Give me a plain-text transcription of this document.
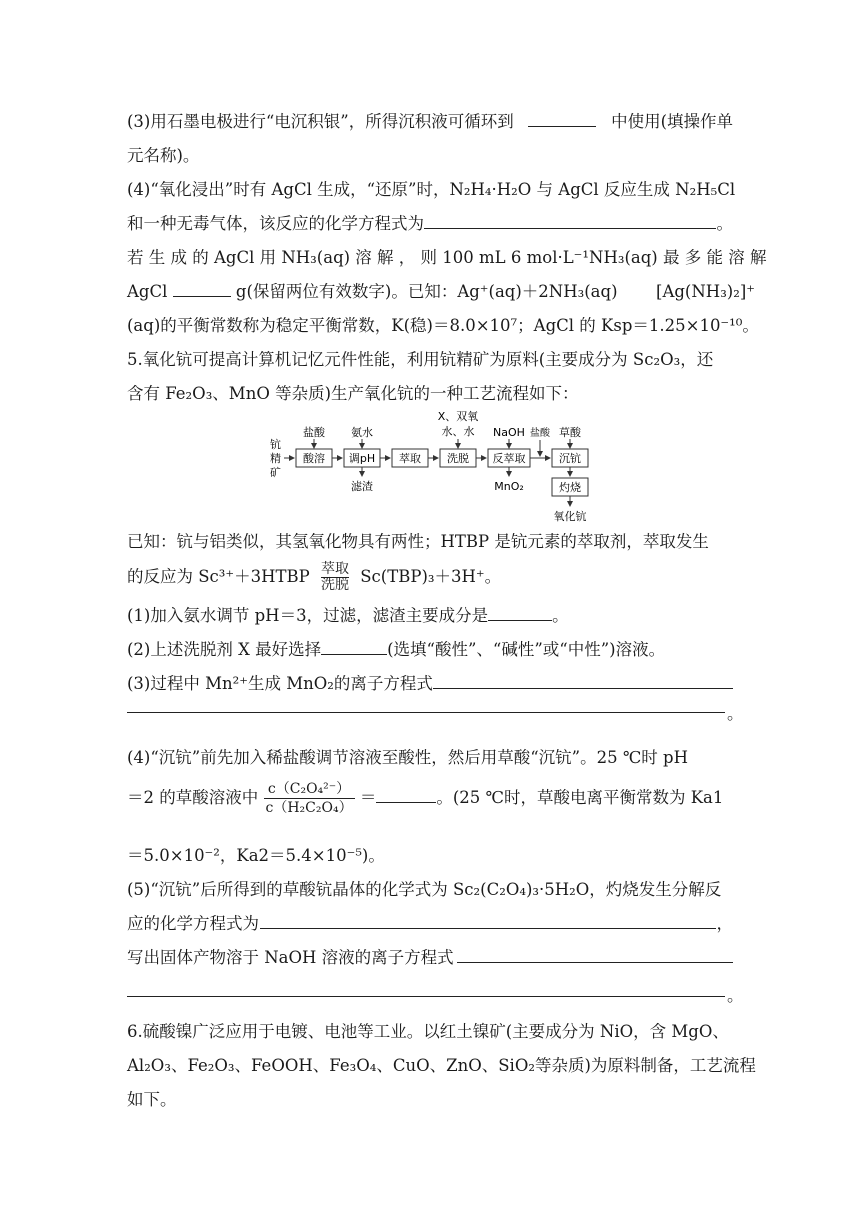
(3)用石墨电极进行“电沉积银”，所得沉积液可循环到	中使用(填操作单
元名称)。
(4)“氧化浸出”时有 AgCl 生成，“还原”时，N₂H₄·H₂O 与 AgCl 反应生成 N₂H₅Cl
和一种无毒气体，该反应的化学方程式为	。
若 生 成 的 AgCl 用 NH₃(aq) 溶 解 ， 则 100 mL 6 mol·L⁻¹NH₃(aq) 最 多 能 溶 解
AgCl	g(保留两位有效数字)。已知：Ag⁺(aq)＋2NH₃(aq) [Ag(NH₃)₂]⁺
(aq)的平衡常数称为稳定平衡常数，K(稳)＝8.0×10⁷；AgCl 的 Ksp＝1.25×10⁻¹⁰。
5.氧化钪可提高计算机记忆元件性能，利用钪精矿为原料(主要成分为 Sc₂O₃，还
含有 Fe₂O₃、MnO 等杂质)生产氧化钪的一种工艺流程如下：
钪
精
矿
酸溶 调pH 萃取 洗脱 反萃取	沉钪
灼烧
氧化钪
盐酸 氨水
X、双氧
水、水 NaOH 盐酸 草酸
滤渣	MnO₂
已知：钪与铝类似，其氢氧化物具有两性；HTBP 是钪元素的萃取剂，萃取发生
的反应为 Sc³⁺＋3HTBP 萃取
洗脱 Sc(TBP)₃＋3H⁺。
(1)加入氨水调节 pH＝3，过滤，滤渣主要成分是	。
(2)上述洗脱剂 X 最好选择	(选填“酸性”、“碱性”或“中性”)溶液。
(3)过程中 Mn²⁺生成 MnO₂的离子方程式
。
(4)“沉钪”前先加入稀盐酸调节溶液至酸性，然后用草酸“沉钪”。25 ℃时 pH
＝2 的草酸溶液中 $\frac{\text{c（C₂O₄²⁻）}}{\text{c（H₂C₂O₄）}}$ ＝	。(25 ℃时，草酸电离平衡常数为 Ka1
＝5.0×10⁻²，Ka2＝5.4×10⁻⁵)。
(5)“沉钪”后所得到的草酸钪晶体的化学式为 Sc₂(C₂O₄)₃·5H₂O，灼烧发生分解反
应的化学方程式为	，
写出固体产物溶于 NaOH 溶液的离子方程式
。
6.硫酸镍广泛应用于电镀、电池等工业。以红土镍矿(主要成分为 NiO，含 MgO、
Al₂O₃、Fe₂O₃、FeOOH、Fe₃O₄、CuO、ZnO、SiO₂等杂质)为原料制备，工艺流程
如下。
